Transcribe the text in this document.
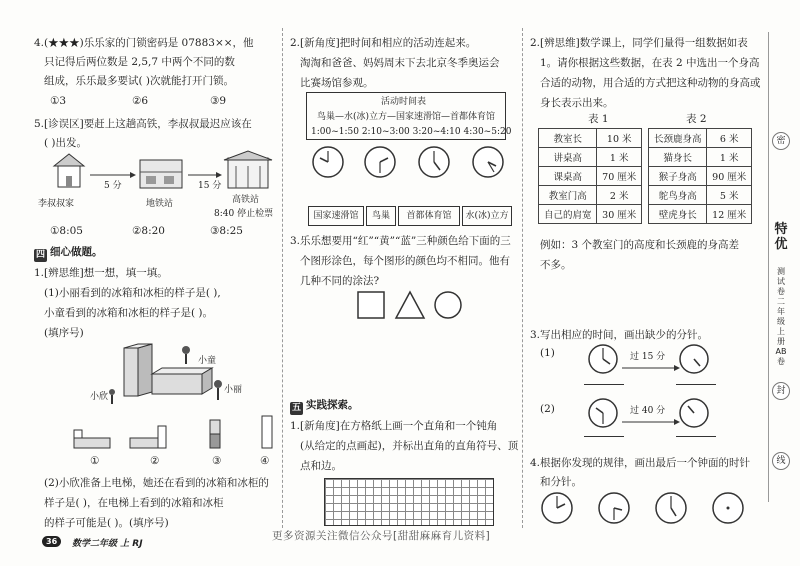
4.(★★★)乐乐家的门锁密码是 07883××，他
只记得后两位数是 2,5,7 中两个不同的数
组成，乐乐最多要试( )次就能打开门锁。
①3	②6	③9
5.[诊误区]要赶上这趟高铁，李叔叔最迟应该在
( )出发。
5 分	15 分
李叔叔家	地铁站	高铁站
8:40 停止检票
①8:05	②8:20	③8:25
四 细心做题。
1.[辨思维]想一想，填一填。
(1)小丽看到的冰箱和冰柜的样子是( ),
小童看到的冰箱和冰柜的样子是( )。
(填序号)
小童
小丽
小欣
①	②	③	④
(2)小欣准备上电梯，她还在看到的冰箱和冰柜的
样子是( )，在电梯上看到的冰箱和冰柜
的样子可能是( )。(填序号)
2.[新角度]把时间和相应的活动连起来。
淘淘和爸爸、妈妈周末下去北京冬季奥运会
比赛场馆参观。
活动时间表
鸟巢—水(冰)立方—国家速滑馆—首都体育馆
1:00~1:50 2:10~3:00 3:20~4:10 4:30~5:20
国家速滑馆	鸟巢	首都体育馆	水(冰)立方
3.乐乐想要用“红”“黄”“蓝”三种颜色给下面的三
个图形涂色，每个图形的颜色均不相同。他有
几种不同的涂法?
五 实践探索。
1.[新角度]在方格纸上画一个直角和一个钝角
(从给定的点画起)，并标出直角的直角符号、顶
点和边。
2.[辨思维]数学课上，同学们量得一组数据如表
1。请你根据这些数据，在表 2 中选出一个身高
合适的动物，用合适的方式把这种动物的身高或
身长表示出来。
表 1	表 2
教室长	10 米
讲桌高	1 米
课桌高	70 厘米
教室门高	2 米
自己的肩宽	30 厘米
长颈鹿身高	6 米
猫身长	1 米
猴子身高	90 厘米
鸵鸟身高	5 米
壁虎身长	12 厘米
例如：3 个教室门的高度和长颈鹿的身高差
不多。
3.写出相应的时间，画出缺少的分针。
(1)	过 15 分
(2)	过 40 分
4.根据你发现的规律，画出最后一个钟面的时针
和分针。
密
特优
测试卷二年级上册AB卷
封
线
36	数学二年级 上 RJ
更多资源关注微信公众号[甜甜麻麻育儿资料]
